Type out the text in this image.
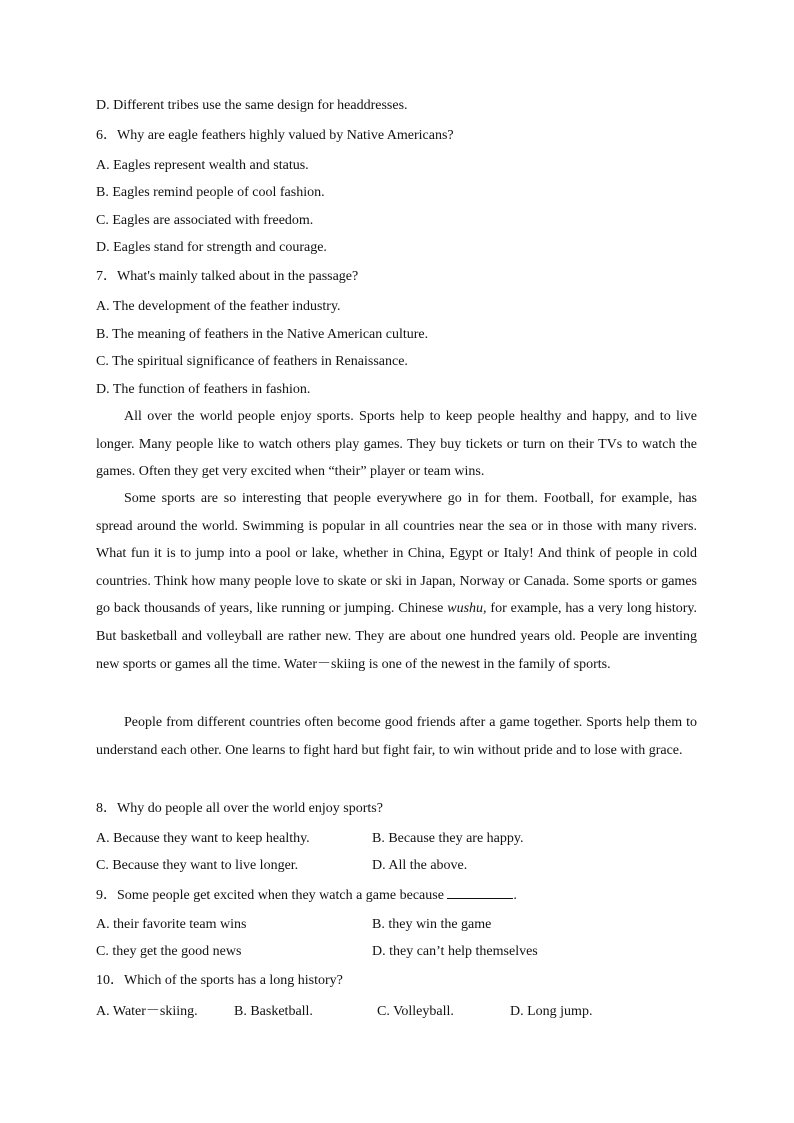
D. Different tribes use the same design for headdresses.
6．Why are eagle feathers highly valued by Native Americans?
A. Eagles represent wealth and status.
B. Eagles remind people of cool fashion.
C. Eagles are associated with freedom.
D. Eagles stand for strength and courage.
7．What's mainly talked about in the passage?
A. The development of the feather industry.
B. The meaning of feathers in the Native American culture.
C. The spiritual significance of feathers in Renaissance.
D. The function of feathers in fashion.

All over the world people enjoy sports. Sports help to keep people healthy and happy, and to live longer. Many people like to watch others play games. They buy tickets or turn on their TVs to watch the games. Often they get very excited when “their” player or team wins.

Some sports are so interesting that people everywhere go in for them. Football, for example, has spread around the world. Swimming is popular in all countries near the sea or in those with many rivers. What fun it is to jump into a pool or lake, whether in China, Egypt or Italy! And think of people in cold countries. Think how many people love to skate or ski in Japan, Norway or Canada. Some sports or games go back thousands of years, like running or jumping. Chinese wushu, for example, has a very long history. But basketball and volleyball are rather new. They are about one hundred years old. People are inventing new sports or games all the time. Water－skiing is one of the newest in the family of sports.

People from different countries often become good friends after a game together. Sports help them to understand each other. One learns to fight hard but fight fair, to win without pride and to lose with grace.

8．Why do people all over the world enjoy sports?
A. Because they want to keep healthy.	B. Because they are happy.
C. Because they want to live longer.	D. All the above.
9．Some people get excited when they watch a game because	.
A. their favorite team wins	B. they win the game
C. they get the good news	D. they can’t help themselves
10．Which of the sports has a long history?
A. Water－skiing.	B. Basketball.	C. Volleyball.	D. Long jump.
